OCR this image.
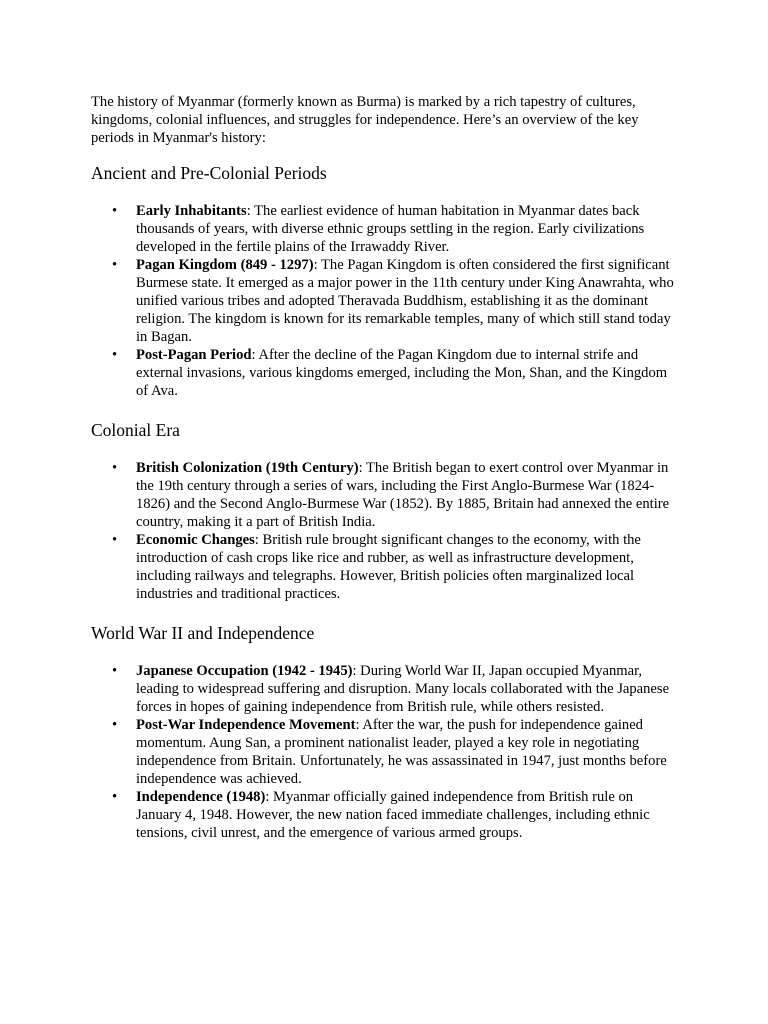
The history of Myanmar (formerly known as Burma) is marked by a rich tapestry of cultures, kingdoms, colonial influences, and struggles for independence. Here’s an overview of the key periods in Myanmar's history:

Ancient and Pre-Colonial Periods
• Early Inhabitants: The earliest evidence of human habitation in Myanmar dates back thousands of years, with diverse ethnic groups settling in the region. Early civilizations developed in the fertile plains of the Irrawaddy River.
• Pagan Kingdom (849 - 1297): The Pagan Kingdom is often considered the first significant Burmese state. It emerged as a major power in the 11th century under King Anawrahta, who unified various tribes and adopted Theravada Buddhism, establishing it as the dominant religion. The kingdom is known for its remarkable temples, many of which still stand today in Bagan.
• Post-Pagan Period: After the decline of the Pagan Kingdom due to internal strife and external invasions, various kingdoms emerged, including the Mon, Shan, and the Kingdom of Ava.
Colonial Era
• British Colonization (19th Century): The British began to exert control over Myanmar in the 19th century through a series of wars, including the First Anglo-Burmese War (1824-1826) and the Second Anglo-Burmese War (1852). By 1885, Britain had annexed the entire country, making it a part of British India.
• Economic Changes: British rule brought significant changes to the economy, with the introduction of cash crops like rice and rubber, as well as infrastructure development, including railways and telegraphs. However, British policies often marginalized local industries and traditional practices.
World War II and Independence
• Japanese Occupation (1942 - 1945): During World War II, Japan occupied Myanmar, leading to widespread suffering and disruption. Many locals collaborated with the Japanese forces in hopes of gaining independence from British rule, while others resisted.
• Post-War Independence Movement: After the war, the push for independence gained momentum. Aung San, a prominent nationalist leader, played a key role in negotiating independence from Britain. Unfortunately, he was assassinated in 1947, just months before independence was achieved.
• Independence (1948): Myanmar officially gained independence from British rule on January 4, 1948. However, the new nation faced immediate challenges, including ethnic tensions, civil unrest, and the emergence of various armed groups.
